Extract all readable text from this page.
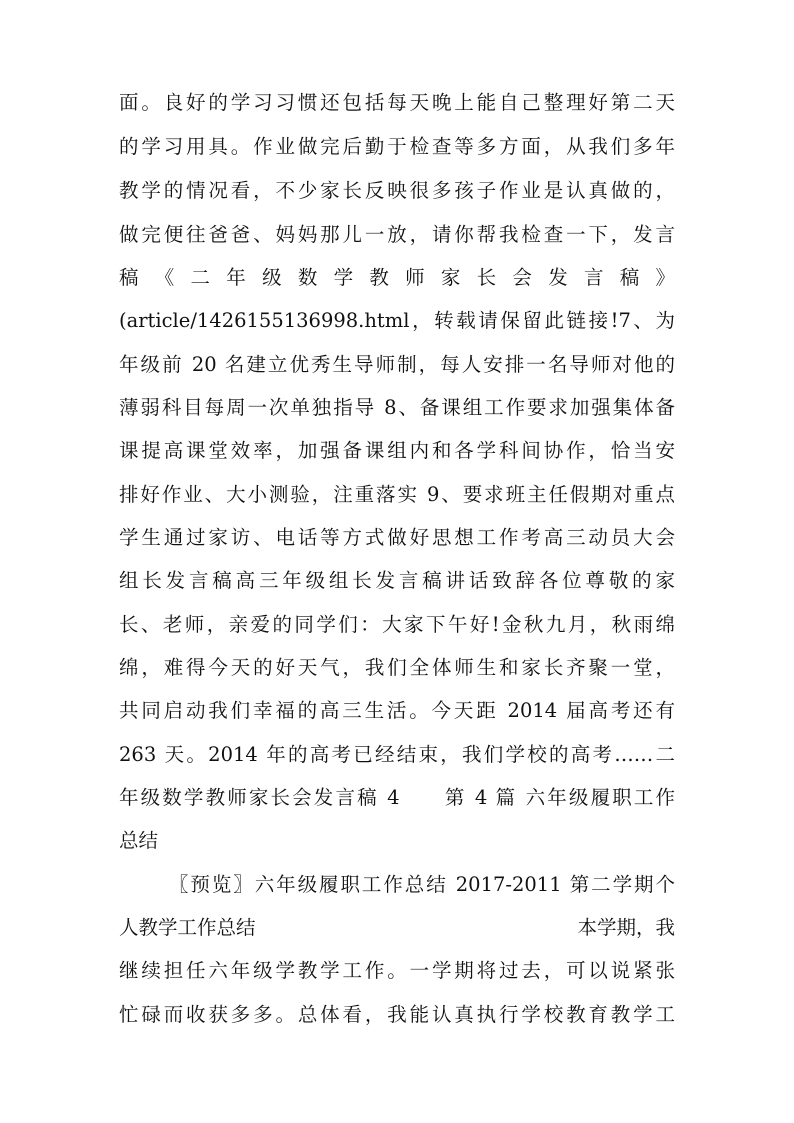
面。良好的学习习惯还包括每天晚上能自己整理好第二天
的学习用具。作业做完后勤于检查等多方面，从我们多年
教学的情况看，不少家长反映很多孩子作业是认真做的，
做完便往爸爸、妈妈那儿一放，请你帮我检查一下，发言
稿 《 二 年 级 数 学 教 师 家 长 会 发 言 稿 》
(article/1426155136998.html，转载请保留此链接!7、为
年级前 20 名建立优秀生导师制，每人安排一名导师对他的
薄弱科目每周一次单独指导 8、备课组工作要求加强集体备
课提高课堂效率，加强备课组内和各学科间协作，恰当安
排好作业、大小测验，注重落实 9、要求班主任假期对重点
学生通过家访、电话等方式做好思想工作考高三动员大会
组长发言稿高三年级组长发言稿讲话致辞各位尊敬的家
长、老师，亲爱的同学们：大家下午好!金秋九月，秋雨绵
绵，难得今天的好天气，我们全体师生和家长齐聚一堂，
共同启动我们幸福的高三生活。今天距 2014 届高考还有
263 天。2014 年的高考已经结束，我们学校的高考……二
年级数学教师家长会发言稿 4　　第 4 篇 六年级履职工作
总结
〖预览〗六年级履职工作总结 2017-2011 第二学期个
人教学工作总结	本学期，我
继续担任六年级学教学工作。一学期将过去，可以说紧张
忙碌而收获多多。总体看，我能认真执行学校教育教学工
